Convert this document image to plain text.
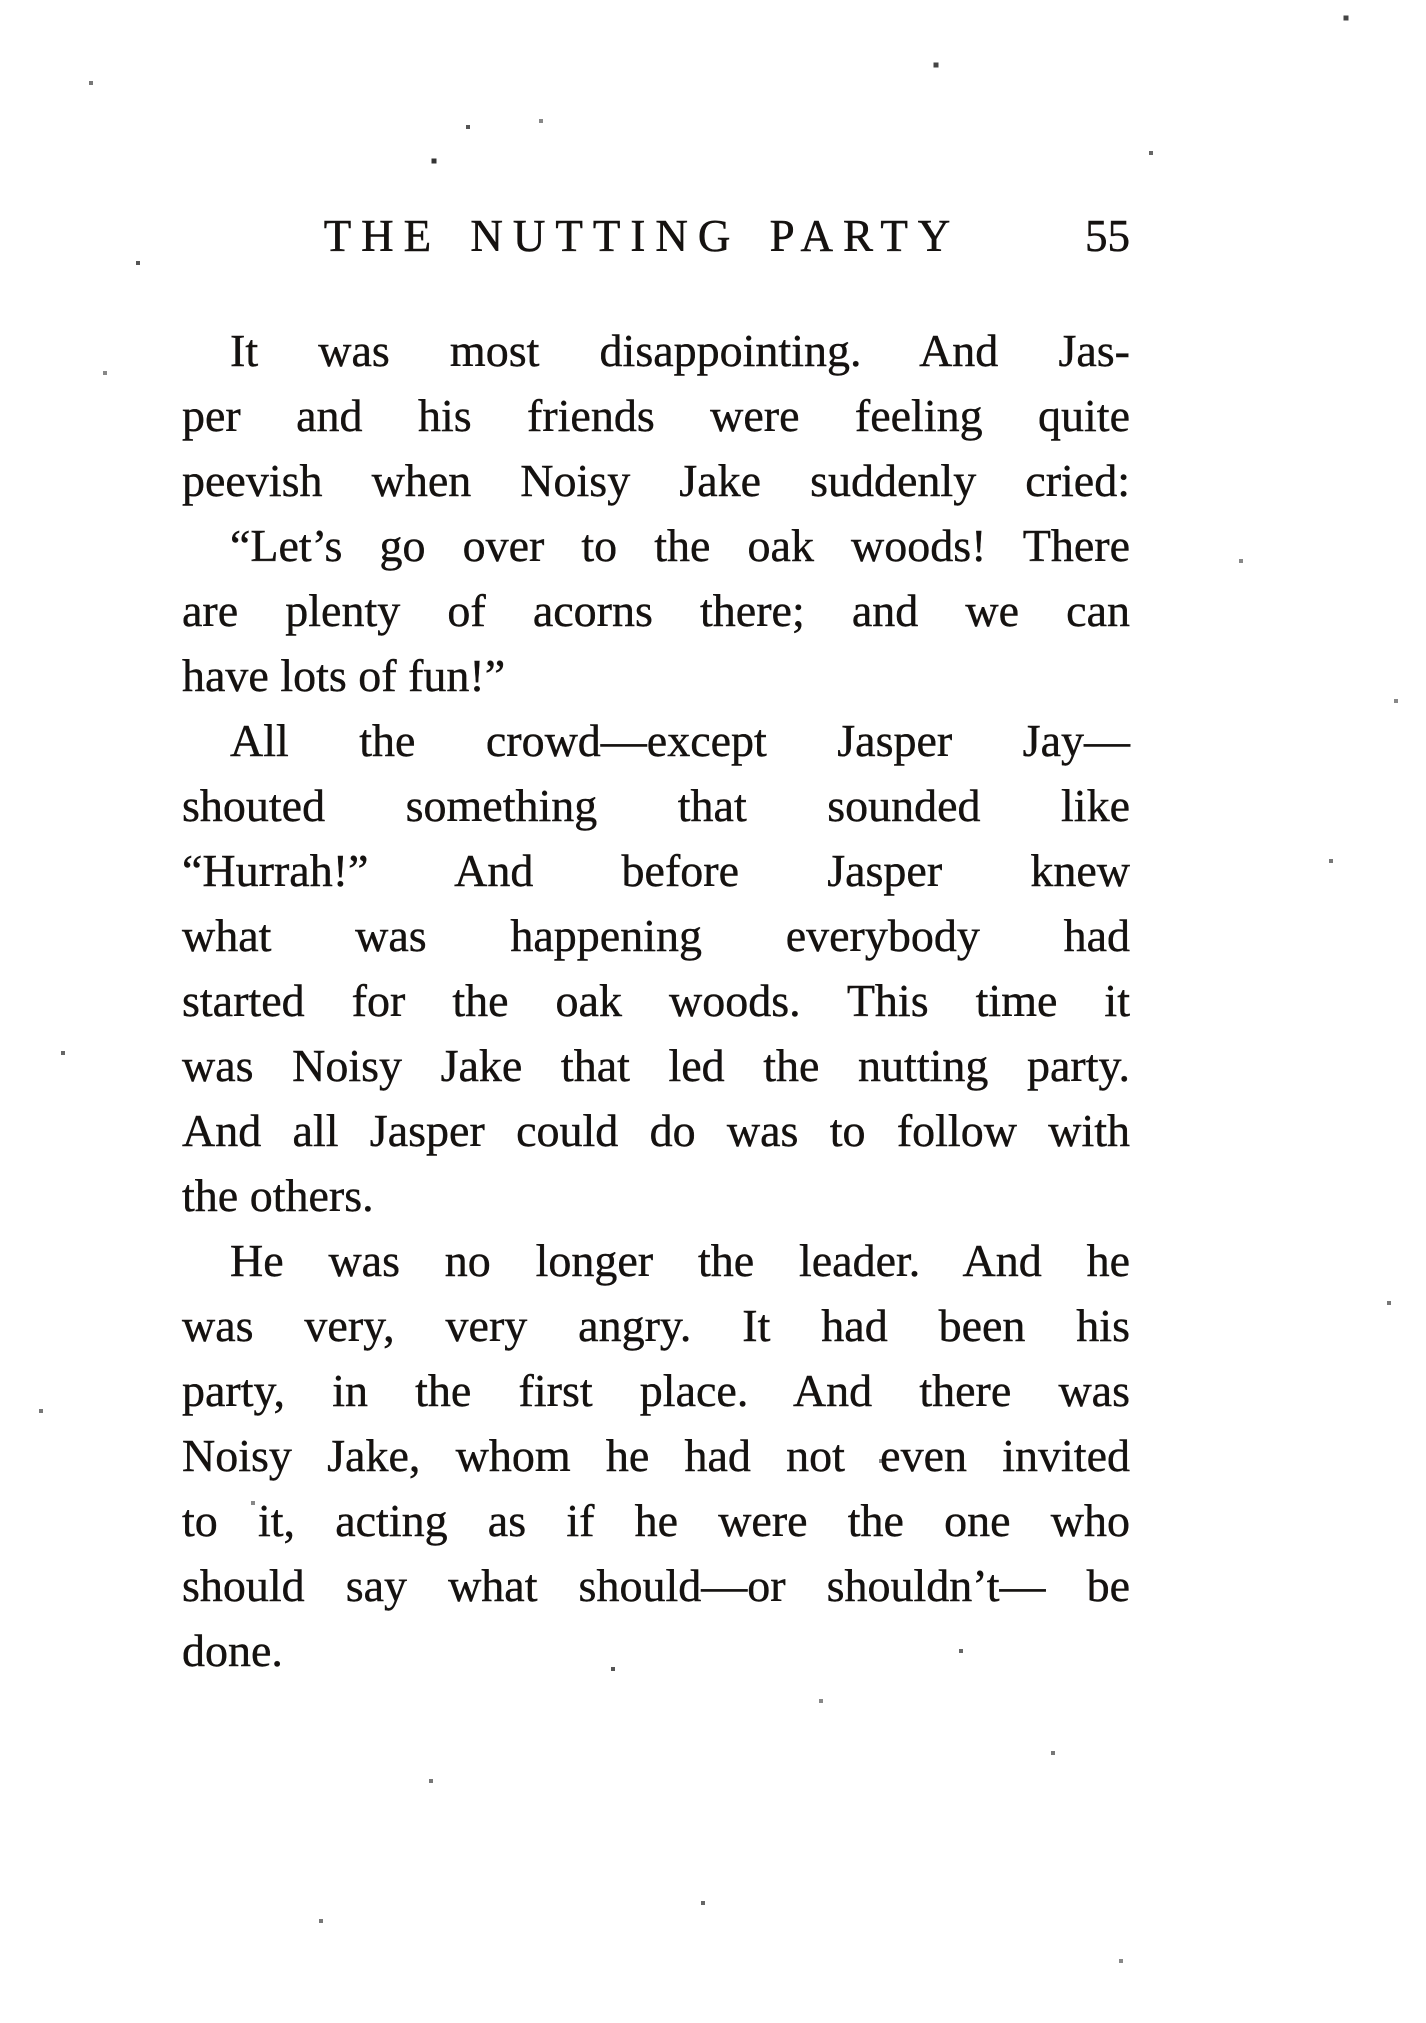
THE NUTTING PARTY	55
It was most disappointing. And Jas-
per and his friends were feeling quite
peevish when Noisy Jake suddenly cried:
“Let’s go over to the oak woods! There
are plenty of acorns there; and we can
have lots of fun!”
All the crowd—except Jasper Jay—
shouted something that sounded like
“Hurrah!” And before Jasper knew
what was happening everybody had
started for the oak woods. This time it
was Noisy Jake that led the nutting party.
And all Jasper could do was to follow with
the others.
He was no longer the leader. And he
was very, very angry. It had been his
party, in the first place. And there was
Noisy Jake, whom he had not even invited
to it, acting as if he were the one who
should say what should—or shouldn’t— be
done.
